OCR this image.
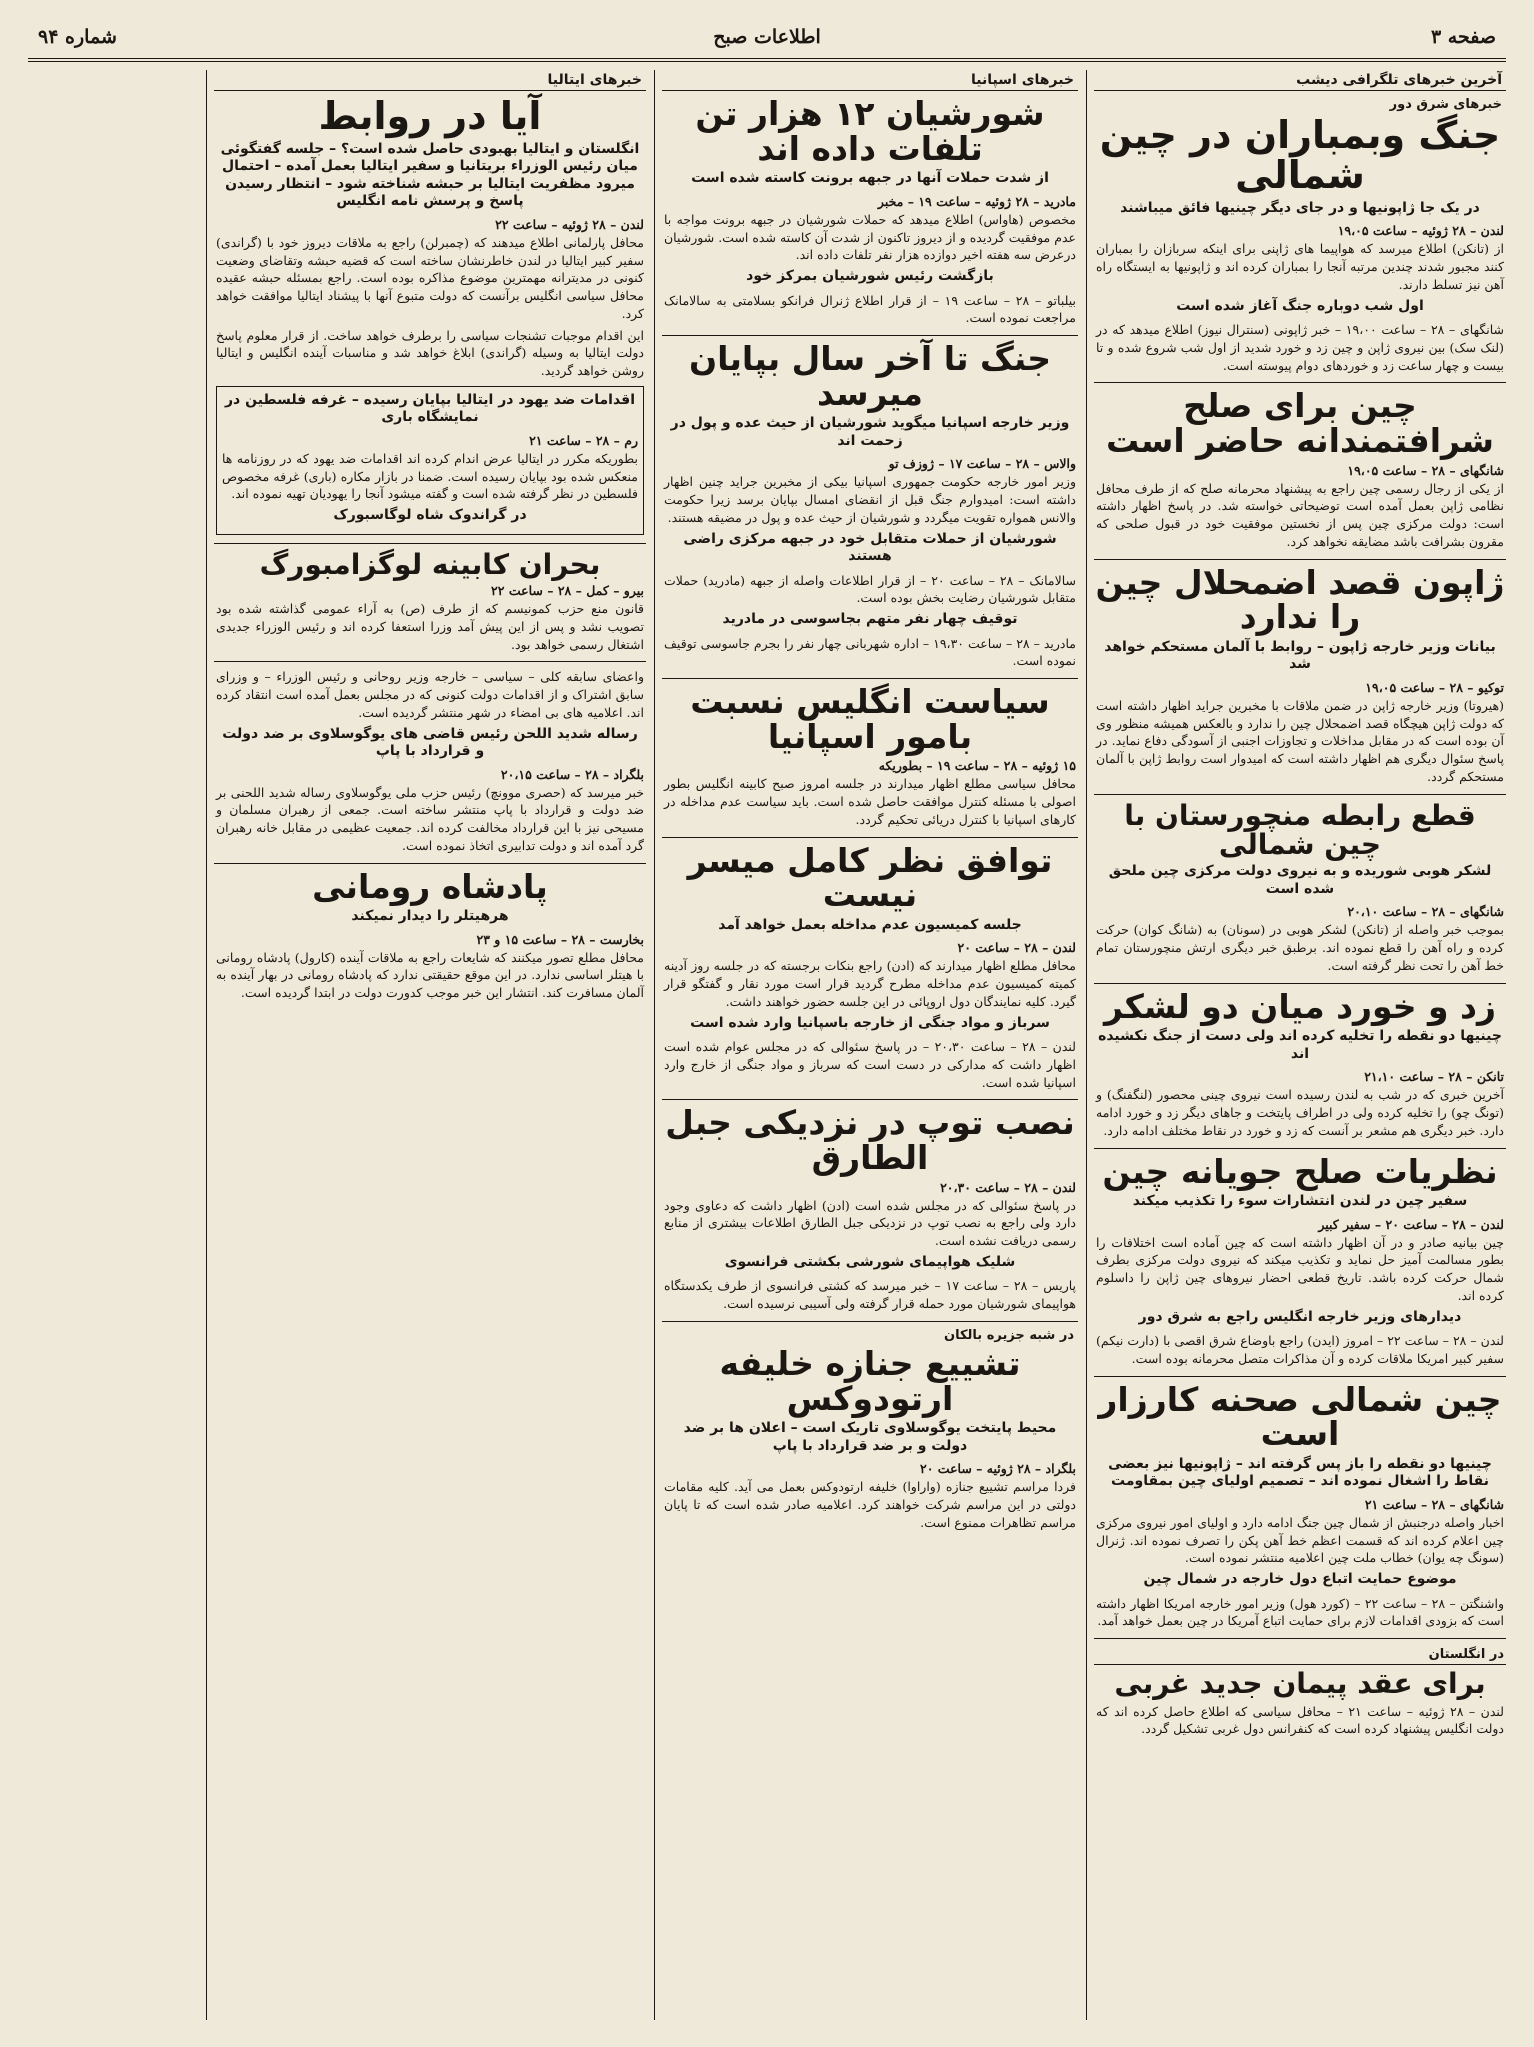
صفحه ۳
اطلاعات صبح
شماره ۹۴
آخرین خبرهای تلگرافی دیشب
خبرهای شرق دور
جنگ وبمباران در چین شمالی
در یک جا ژاپونیها و در جای دیگر چینیها فائق میباشند
لندن – ۲۸ ژوئیه – ساعت ۱۹،۰۵
از (تانکن) اطلاع میرسد که هواپیما های ژاپنی برای اینکه سربازان را بمباران کنند مجبور شدند چندین مرتبه آنجا را بمباران کرده اند و ژاپونیها به ایستگاه راه آهن نیز تسلط دارند.
اول شب دوباره جنگ آغاز شده است
شانگهای – ۲۸ – ساعت ۱۹،۰۰ – خبر ژاپونی (سنترال نیوز) اطلاع میدهد که در (لنک سک) بین نیروی ژاپن و چین زد و خورد شدید از اول شب شروع شده و تا بیست و چهار ساعت زد و خوردهای دوام پیوسته است.
چین برای صلح شرافتمندانه حاضر است
شانگهای – ۲۸ – ساعت ۱۹،۰۵
از یکی از رجال رسمی چین راجع به پیشنهاد محرمانه صلح که از طرف محافل نظامی ژاپن بعمل آمده است توضیحاتی خواسته شد. در پاسخ اظهار داشته است: دولت مرکزی چین پس از نخستین موفقیت خود در قبول صلحی که مقرون بشرافت باشد مضایقه نخواهد کرد.
ژاپون قصد اضمحلال چین را ندارد
بیانات وزیر خارجه ژاپون – روابط با آلمان مستحکم خواهد شد
توکیو – ۲۸ – ساعت ۱۹،۰۵
(هیروتا) وزیر خارجه ژاپن در ضمن ملاقات با مخبرین جراید اظهار داشته است که دولت ژاپن هیچگاه قصد اضمحلال چین را ندارد و بالعکس همیشه منظور وی آن بوده است که در مقابل مداخلات و تجاوزات اجنبی از آسودگی دفاع نماید. در پاسخ سئوال دیگری هم اظهار داشته است که امیدوار است روابط ژاپن با آلمان مستحکم گردد.
قطع رابطه منچورستان با چین شمالی
لشکر هوبی شوریده و به نیروی دولت مرکزی چین ملحق شده است
شانگهای – ۲۸ – ساعت ۲۰،۱۰
بموجب خبر واصله از (تانکن) لشکر هوبی در (سونان) به (شانگ کوان) حرکت کرده و راه آهن را قطع نموده اند. برطبق خبر دیگری ارتش منچورستان تمام خط آهن را تحت نظر گرفته است.
زد و خورد میان دو لشکر
چینیها دو نقطه را تخلیه کرده اند ولی دست از جنگ نکشیده اند
تانکن – ۲۸ – ساعت ۲۱،۱۰
آخرین خبری که در شب به لندن رسیده است نیروی چینی محصور (لنگفنگ) و (تونگ چو) را تخلیه کرده ولی در اطراف پایتخت و جاهای دیگر زد و خورد ادامه دارد. خبر دیگری هم مشعر بر آنست که زد و خورد در نقاط مختلف ادامه دارد.
نظریات صلح جویانه چین
سفیر چین در لندن انتشارات سوء را تکذیب میکند
لندن – ۲۸ – ساعت ۲۰ – سفیر کبیر
چین بیانیه صادر و در آن اظهار داشته است که چین آماده است اختلافات را بطور مسالمت آمیز حل نماید و تکذیب میکند که نیروی دولت مرکزی بطرف شمال حرکت کرده باشد. تاریخ قطعی احضار نیروهای چین ژاپن را داسلوم کرده اند.
دیدارهای وزیر خارجه انگلیس راجع به شرق دور
لندن – ۲۸ – ساعت ۲۲ – امروز (ایدن) راجع باوضاع شرق اقصی با (دارت نیکم) سفیر کبیر امریکا ملاقات کرده و آن مذاکرات متصل محرمانه بوده است.
چین شمالی صحنه کارزار است
چینیها دو نقطه را باز پس گرفته اند – ژاپونیها نیز بعضی نقاط را اشغال نموده اند – تصمیم اولیای چین بمقاومت
شانگهای – ۲۸ – ساعت ۲۱
اخبار واصله درجنبش از شمال چین جنگ ادامه دارد و اولیای امور نیروی مرکزی چین اعلام کرده اند که قسمت اعظم خط آهن پکن را تصرف نموده اند. ژنرال (سونگ چه یوان) خطاب ملت چین اعلامیه منتشر نموده است.
موضوع حمایت اتباع دول خارجه در شمال چین
واشنگتن – ۲۸ – ساعت ۲۲ – (کورد هول) وزیر امور خارجه امریکا اظهار داشته است که بزودی اقدامات لازم برای حمایت اتباع آمریکا در چین بعمل خواهد آمد.
در انگلستان
برای عقد پیمان جدید غربی
لندن – ۲۸ ژوئیه – ساعت ۲۱ – محافل سیاسی که اطلاع حاصل کرده اند که دولت انگلیس پیشنهاد کرده است که کنفرانس دول غربی تشکیل گردد.
خبرهای اسپانیا
شورشیان ۱۲ هزار تن تلفات داده اند
از شدت حملات آنها در جبهه برونت کاسته شده است
مادرید – ۲۸ ژوئیه – ساعت ۱۹ – مخبر
مخصوص (هاواس) اطلاع میدهد که حملات شورشیان در جبهه برونت مواجه با عدم موفقیت گردیده و از دیروز تاکنون از شدت آن کاسته شده است. شورشیان درعرض سه هفته اخیر دوازده هزار نفر تلفات داده اند.
بازگشت رئیس شورشیان بمرکز خود
بیلباتو – ۲۸ – ساعت ۱۹ – از قرار اطلاع ژنرال فرانکو بسلامتی به سالامانک مراجعت نموده است.
جنگ تا آخر سال بپایان میرسد
وزیر خارجه اسپانیا میگوید شورشیان از حیث عده و پول در زحمت اند
والاس – ۲۸ – ساعت ۱۷ – ژوزف تو
وزیر امور خارجه حکومت جمهوری اسپانیا بیکی از مخبرین جراید چنین اظهار داشته است: امیدوارم جنگ قبل از انقضای امسال بپایان برسد زیرا حکومت والانس همواره تقویت میگردد و شورشیان از حیث عده و پول در مضیقه هستند.
شورشیان از حملات متقابل خود در جبهه مرکزی راضی هستند
سالامانک – ۲۸ – ساعت ۲۰ – از قرار اطلاعات واصله از جبهه (مادرید) حملات متقابل شورشیان رضایت بخش بوده است.
توقیف چهار نفر متهم بجاسوسی در مادرید
مادرید – ۲۸ – ساعت ۱۹،۳۰ – اداره شهربانی چهار نفر را بجرم جاسوسی توقیف نموده است.
سیاست انگلیس نسبت بامور اسپانیا
۱۵ ژوئیه – ۲۸ – ساعت ۱۹ – بطوریکه
محافل سیاسی مطلع اظهار میدارند در جلسه امروز صبح کابینه انگلیس بطور اصولی با مسئله کنترل موافقت حاصل شده است. باید سیاست عدم مداخله در کارهای اسپانیا با کنترل دریائی تحکیم گردد.
توافق نظر کامل میسر نیست
جلسه کمیسیون عدم مداخله بعمل خواهد آمد
لندن – ۲۸ – ساعت ۲۰
محافل مطلع اظهار میدارند که (ادن) راجع بنکات برجسته که در جلسه روز آدینه کمیته کمیسیون عدم مداخله مطرح گردید قرار است مورد نقار و گفتگو قرار گیرد. کلیه نمایندگان دول اروپائی در این جلسه حضور خواهند داشت.
سرباز و مواد جنگی از خارجه باسپانیا وارد شده است
لندن – ۲۸ – ساعت ۲۰،۳۰ – در پاسخ سئوالی که در مجلس عوام شده است اظهار داشت که مدارکی در دست است که سرباز و مواد جنگی از خارج وارد اسپانیا شده است.
نصب توپ در نزدیکی جبل الطارق
لندن – ۲۸ – ساعت ۲۰،۳۰
در پاسخ سئوالی که در مجلس شده است (ادن) اظهار داشت که دعاوی وجود دارد ولی راجع به نصب توپ در نزدیکی جبل الطارق اطلاعات بیشتری از منابع رسمی دریافت نشده است.
شلیک هواپیمای شورشی بکشتی فرانسوی
پاریس – ۲۸ – ساعت ۱۷ – خبر میرسد که کشتی فرانسوی از طرف یکدستگاه هواپیمای شورشیان مورد حمله قرار گرفته ولی آسیبی نرسیده است.
در شبه جزیره بالکان
تشییع جنازه خلیفه ارتودوکس
محیط پایتخت یوگوسلاوی تاریک است – اعلان ها بر ضد دولت و بر ضد قرارداد با پاپ
بلگراد – ۲۸ ژوئیه – ساعت ۲۰
فردا مراسم تشییع جنازه (واراوا) خلیفه ارتودوکس بعمل می آید. کلیه مقامات دولتی در این مراسم شرکت خواهند کرد. اعلامیه صادر شده است که تا پایان مراسم تظاهرات ممنوع است.
خبرهای ایتالیا
آیا در روابط
انگلستان و ایتالیا بهبودی حاصل شده است؟ – جلسه گفتگوئی میان رئیس الوزراء بریتانیا و سفیر ایتالیا بعمل آمده – احتمال میرود مظفریت ایتالیا بر حبشه شناخته شود – انتظار رسیدن پاسخ و پرسش نامه انگلیس
لندن – ۲۸ ژوئیه – ساعت ۲۲
محافل پارلمانی اطلاع میدهند که (چمبرلن) راجع به ملاقات دیروز خود با (گراندی) سفیر کبیر ایتالیا در لندن خاطرنشان ساخته است که قضیه حبشه وتقاضای وضعیت کنونی در مدیترانه مهمترین موضوع مذاکره بوده است. راجع بمسئله حبشه عقیده محافل سیاسی انگلیس برآنست که دولت متبوع آنها با پیشناد ایتالیا موافقت خواهد کرد.
این اقدام موجبات تشنجات سیاسی را برطرف خواهد ساخت. از قرار معلوم پاسخ دولت ایتالیا به وسیله (گراندی) ابلاغ خواهد شد و مناسبات آینده انگلیس و ایتالیا روشن خواهد گردید.
اقدامات ضد یهود در ایتالیا بپایان رسیده – غرفه فلسطین در نمایشگاه باری
رم – ۲۸ – ساعت ۲۱
بطوریکه مکرر در ایتالیا عرض اندام کرده اند اقدامات ضد یهود که در روزنامه ها منعکس شده بود بپایان رسیده است. ضمنا در بازار مکاره (باری) غرفه مخصوص فلسطین در نظر گرفته شده است و گفته میشود آنجا را یهودیان تهیه نموده اند.
در گراندوک شاه لوگاسبورک
بحران کابینه لوگزامبورگ
بیرو – کمل – ۲۸ – ساعت ۲۲
قانون منع حزب کمونیسم که از طرف (ص) به آراء عمومی گذاشته شده بود تصویب نشد و پس از این پیش آمد وزرا استعفا کرده اند و رئیس الوزراء جدیدی اشتغال رسمی خواهد بود.
واعضای سابقه کلی – سیاسی – خارجه وزیر روحانی و رئیس الوزراء – و وزرای سابق اشتراک و از اقدامات دولت کنونی که در مجلس بعمل آمده است انتقاد کرده اند. اعلامیه های بی امضاء در شهر منتشر گردیده است.
رساله شدید اللحن رئیس قاضی های یوگوسلاوی بر ضد دولت و قرارداد با پاپ
بلگراد – ۲۸ – ساعت ۲۰،۱۵
خبر میرسد که (حصری موونچ) رئیس حزب ملی یوگوسلاوی رساله شدید اللحنی بر ضد دولت و قرارداد با پاپ منتشر ساخته است. جمعی از رهبران مسلمان و مسیحی نیز با این قرارداد مخالفت کرده اند. جمعیت عظیمی در مقابل خانه رهبران گرد آمده اند و دولت تدابیری اتخاذ نموده است.
پادشاه رومانی
هرهیتلر را دیدار نمیکند
بخارست – ۲۸ – ساعت ۱۵ و ۲۳
محافل مطلع تصور میکنند که شایعات راجع به ملاقات آینده (کارول) پادشاه رومانی با هیتلر اساسی ندارد. در این موقع حقیقتی ندارد که پادشاه رومانی در بهار آینده به آلمان مسافرت کند. انتشار این خبر موجب کدورت دولت در ابتدا گردیده است.
